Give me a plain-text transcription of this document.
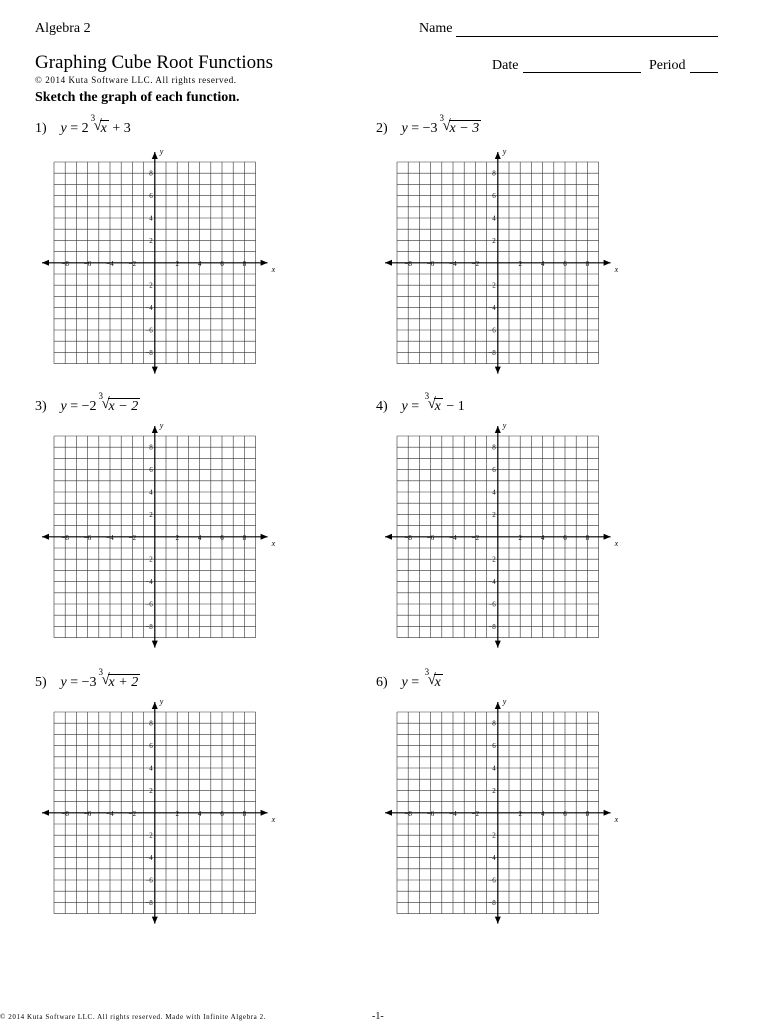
Algebra 2	Name
Graphing Cube Root Functions	Date	Period
© 2014 Kuta Software LLC. All rights reserved.
Sketch the graph of each function.
1) y = 2
3
√
x + 3
x
y
−8 −6 −4 −2	2	4	6	8
8
6
4
2
−2
−4
−6
−8
2) y = −3
3
√
x − 3
x
y
−8 −6 −4 −2	2	4	6	8
8
6
4
2
−2
−4
−6
−8
3) y = −2
3
√
x − 2
x
y
−8 −6 −4 −2	2	4	6	8
8
6
4
2
−2
−4
−6
−8
4) y =
3
√
x − 1
x
y
−8 −6 −4 −2	2	4	6	8
8
6
4
2
−2
−4
−6
−8
5) y = −3
3
√
x + 2
x
y
−8 −6 −4 −2	2	4	6	8
8
6
4
2
−2
−4
−6
−8
6) y =
3
√
x
x
y
−8 −6 −4 −2	2	4	6	8
8
6
4
2
−2
−4
−6
−8
© 2014 Kuta Software LLC. All rights reserved. Made with Infinite Algebra 2.	-1-
